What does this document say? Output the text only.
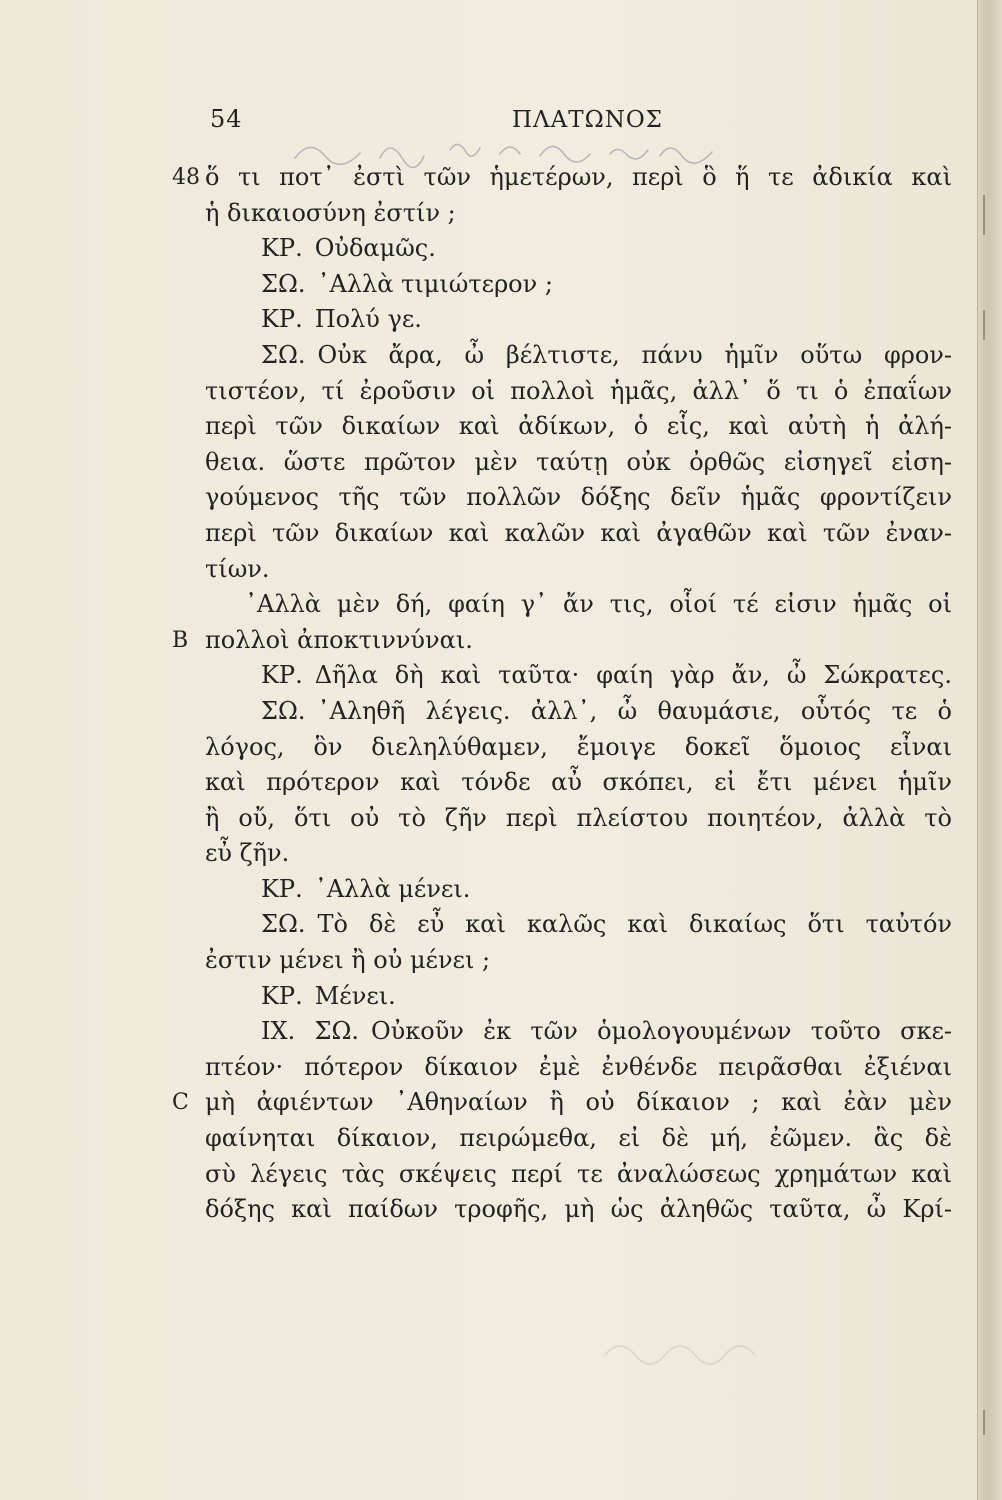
54	ΠΛΑΤΩΝΟΣ
48 ὅ τι ποτ᾽ ἐστὶ τῶν ἡμετέρων, περὶ ὃ ἥ τε ἀδικία καὶ
ἡ δικαιοσύνη ἐστίν ;
ΚΡ. Οὐδαμῶς.
ΣΩ. ᾽Αλλὰ τιμιώτερον ;
ΚΡ. Πολύ γε.
ΣΩ. Οὐκ ἄρα, ὦ βέλτιστε, πάνυ ἡμῖν οὕτω φρον-
τιστέον, τί ἐροῦσιν οἱ πολλοὶ ἡμᾶς, ἀλλ᾽ ὅ τι ὁ ἐπαΐων
περὶ τῶν δικαίων καὶ ἀδίκων, ὁ εἷς, καὶ αὐτὴ ἡ ἀλή-
θεια. ὥστε πρῶτον μὲν ταύτῃ οὐκ ὀρθῶς εἰσηγεῖ εἰση-
γούμενος τῆς τῶν πολλῶν δόξης δεῖν ἡμᾶς φροντίζειν
περὶ τῶν δικαίων καὶ καλῶν καὶ ἀγαθῶν καὶ τῶν ἐναν-
τίων.
᾽Αλλὰ μὲν δή, φαίη γ᾽ ἄν τις, οἷοί τέ εἰσιν ἡμᾶς οἱ
B πολλοὶ ἀποκτιννύναι.
ΚΡ. Δῆλα δὴ καὶ ταῦτα· φαίη γὰρ ἄν, ὦ Σώκρατες.
ΣΩ. ᾽Αληθῆ λέγεις. ἀλλ᾽, ὦ θαυμάσιε, οὗτός τε ὁ
λόγος, ὃν διεληλύθαμεν, ἔμοιγε δοκεῖ ὅμοιος εἶναι
καὶ πρότερον καὶ τόνδε αὖ σκόπει, εἰ ἔτι μένει ἡμῖν
ἢ οὔ, ὅτι οὐ τὸ ζῆν περὶ πλείστου ποιητέον, ἀλλὰ τὸ
εὖ ζῆν.
ΚΡ. ᾽Αλλὰ μένει.
ΣΩ. Τὸ δὲ εὖ καὶ καλῶς καὶ δικαίως ὅτι ταὐτόν
ἐστιν μένει ἢ οὐ μένει ;
ΚΡ. Μένει.
IX. ΣΩ. Οὐκοῦν ἐκ τῶν ὁμολογουμένων τοῦτο σκε-
πτέον· πότερον δίκαιον ἐμὲ ἐνθένδε πειρᾶσθαι ἐξιέναι
C μὴ ἀφιέντων ᾽Αθηναίων ἢ οὐ δίκαιον ; καὶ ἐὰν μὲν
φαίνηται δίκαιον, πειρώμεθα, εἰ δὲ μή, ἐῶμεν. ἃς δὲ
σὺ λέγεις τὰς σκέψεις περί τε ἀναλώσεως χρημάτων καὶ
δόξης καὶ παίδων τροφῆς, μὴ ὡς ἀληθῶς ταῦτα, ὦ Κρί-
